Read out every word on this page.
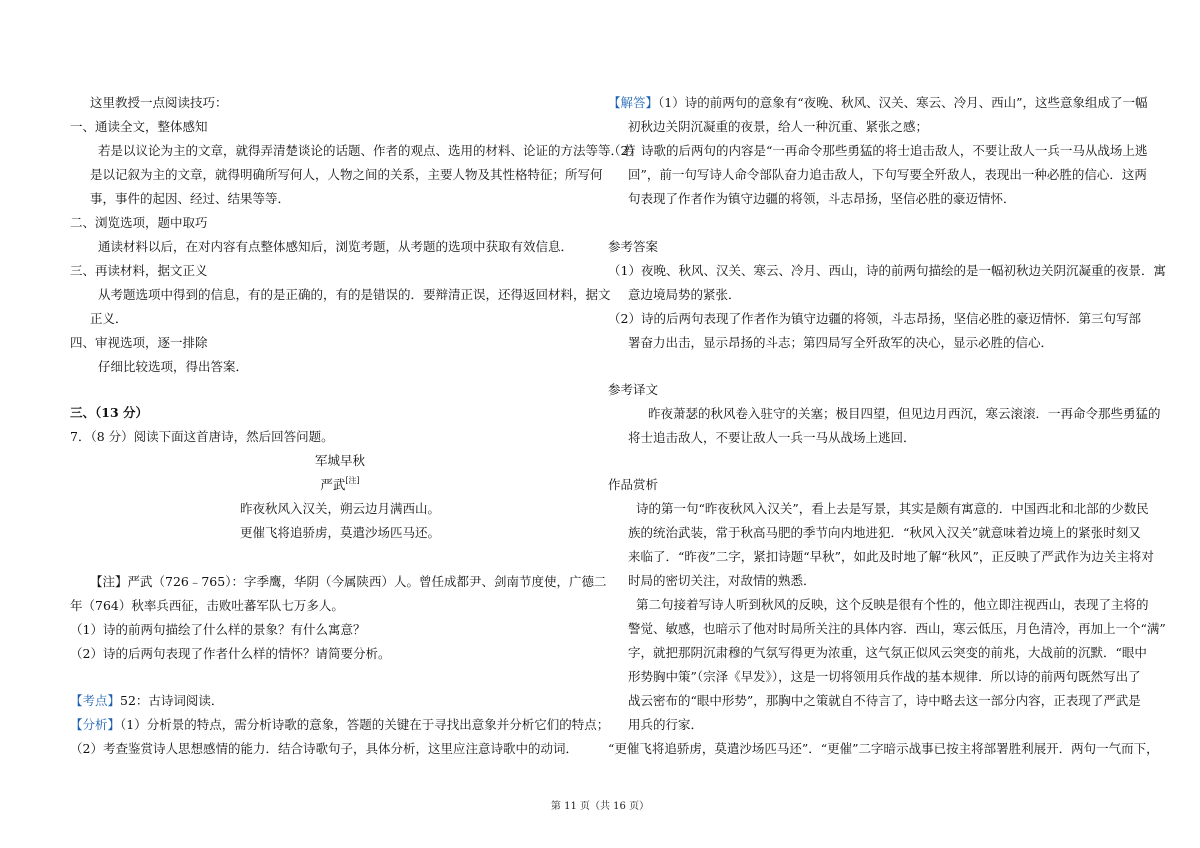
这里教授一点阅读技巧：
一、通读全文，整体感知
若是以议论为主的文章，就得弄清楚谈论的话题、作者的观点、选用的材料、论证的方法等等．若
是以记叙为主的文章，就得明确所写何人，人物之间的关系，主要人物及其性格特征；所写何
事，事件的起因、经过、结果等等．
二、浏览选项，题中取巧
通读材料以后，在对内容有点整体感知后，浏览考题，从考题的选项中获取有效信息．
三、再读材料，据文正义
从考题选项中得到的信息，有的是正确的，有的是错误的．要辩清正误，还得返回材料，据文
正义．
四、审视选项，逐一排除
仔细比较选项，得出答案．
三、（13 分）
7．（8 分）阅读下面这首唐诗，然后回答问题。
军城早秋
严武[注]
昨夜秋风入汉关，朔云边月满西山。
更催飞将追骄虏，莫遣沙场匹马还。
【注】严武（726﹣765）：字季鹰，华阴（今属陕西）人。曾任成都尹、剑南节度使，广德二
年（764）秋率兵西征，击败吐蕃军队七万多人。
（1）诗的前两句描绘了什么样的景象？有什么寓意？
（2）诗的后两句表现了作者什么样的情怀？请简要分析。
【考点】52：古诗词阅读．
【分析】（1）分析景的特点，需分析诗歌的意象，答题的关键在于寻找出意象并分析它们的特点；
（2）考查鉴赏诗人思想感情的能力．结合诗歌句子，具体分析，这里应注意诗歌中的动词．
【解答】（1）诗的前两句的意象有“夜晚、秋风、汉关、寒云、冷月、西山”，这些意象组成了一幅
初秋边关阴沉凝重的夜景，给人一种沉重、紧张之感；
（2）诗歌的后两句的内容是“一再命令那些勇猛的将士追击敌人，不要让敌人一兵一马从战场上逃
回”，前一句写诗人命令部队奋力追击敌人，下句写要全歼敌人，表现出一种必胜的信心．这两
句表现了作者作为镇守边疆的将领，斗志昂扬，坚信必胜的豪迈情怀．
参考答案
（1）夜晚、秋风、汉关、寒云、冷月、西山，诗的前两句描绘的是一幅初秋边关阴沉凝重的夜景．寓
意边境局势的紧张．
（2）诗的后两句表现了作者作为镇守边疆的将领，斗志昂扬，坚信必胜的豪迈情怀．第三句写部
署奋力出击，显示昂扬的斗志；第四局写全歼敌军的决心，显示必胜的信心．
参考译文
昨夜萧瑟的秋风卷入驻守的关塞；极目四望，但见边月西沉，寒云滚滚．一再命令那些勇猛的
将士追击敌人，不要让敌人一兵一马从战场上逃回．
作品赏析
诗的第一句“昨夜秋风入汉关”，看上去是写景，其实是颇有寓意的．中国西北和北部的少数民
族的统治武装，常于秋高马肥的季节向内地进犯．“秋风入汉关”就意味着边境上的紧张时刻又
来临了．“昨夜”二字，紧扣诗题“早秋”，如此及时地了解“秋风”，正反映了严武作为边关主将对
时局的密切关注，对敌情的熟悉．
第二句接着写诗人听到秋风的反映，这个反映是很有个性的，他立即注视西山，表现了主将的
警觉、敏感，也暗示了他对时局所关注的具体内容．西山，寒云低压，月色清冷，再加上一个“满”
字，就把那阴沉肃穆的气氛写得更为浓重，这气氛正似风云突变的前兆，大战前的沉默．“眼中
形势胸中策”（宗泽《早发》），这是一切将领用兵作战的基本规律．所以诗的前两句既然写出了
战云密布的“眼中形势”，那胸中之策就自不待言了，诗中略去这一部分内容，正表现了严武是
用兵的行家．
“更催飞将追骄虏，莫遣沙场匹马还”．“更催”二字暗示战事已按主将部署胜利展开．两句一气而下，
第 11 页（共 16 页）
